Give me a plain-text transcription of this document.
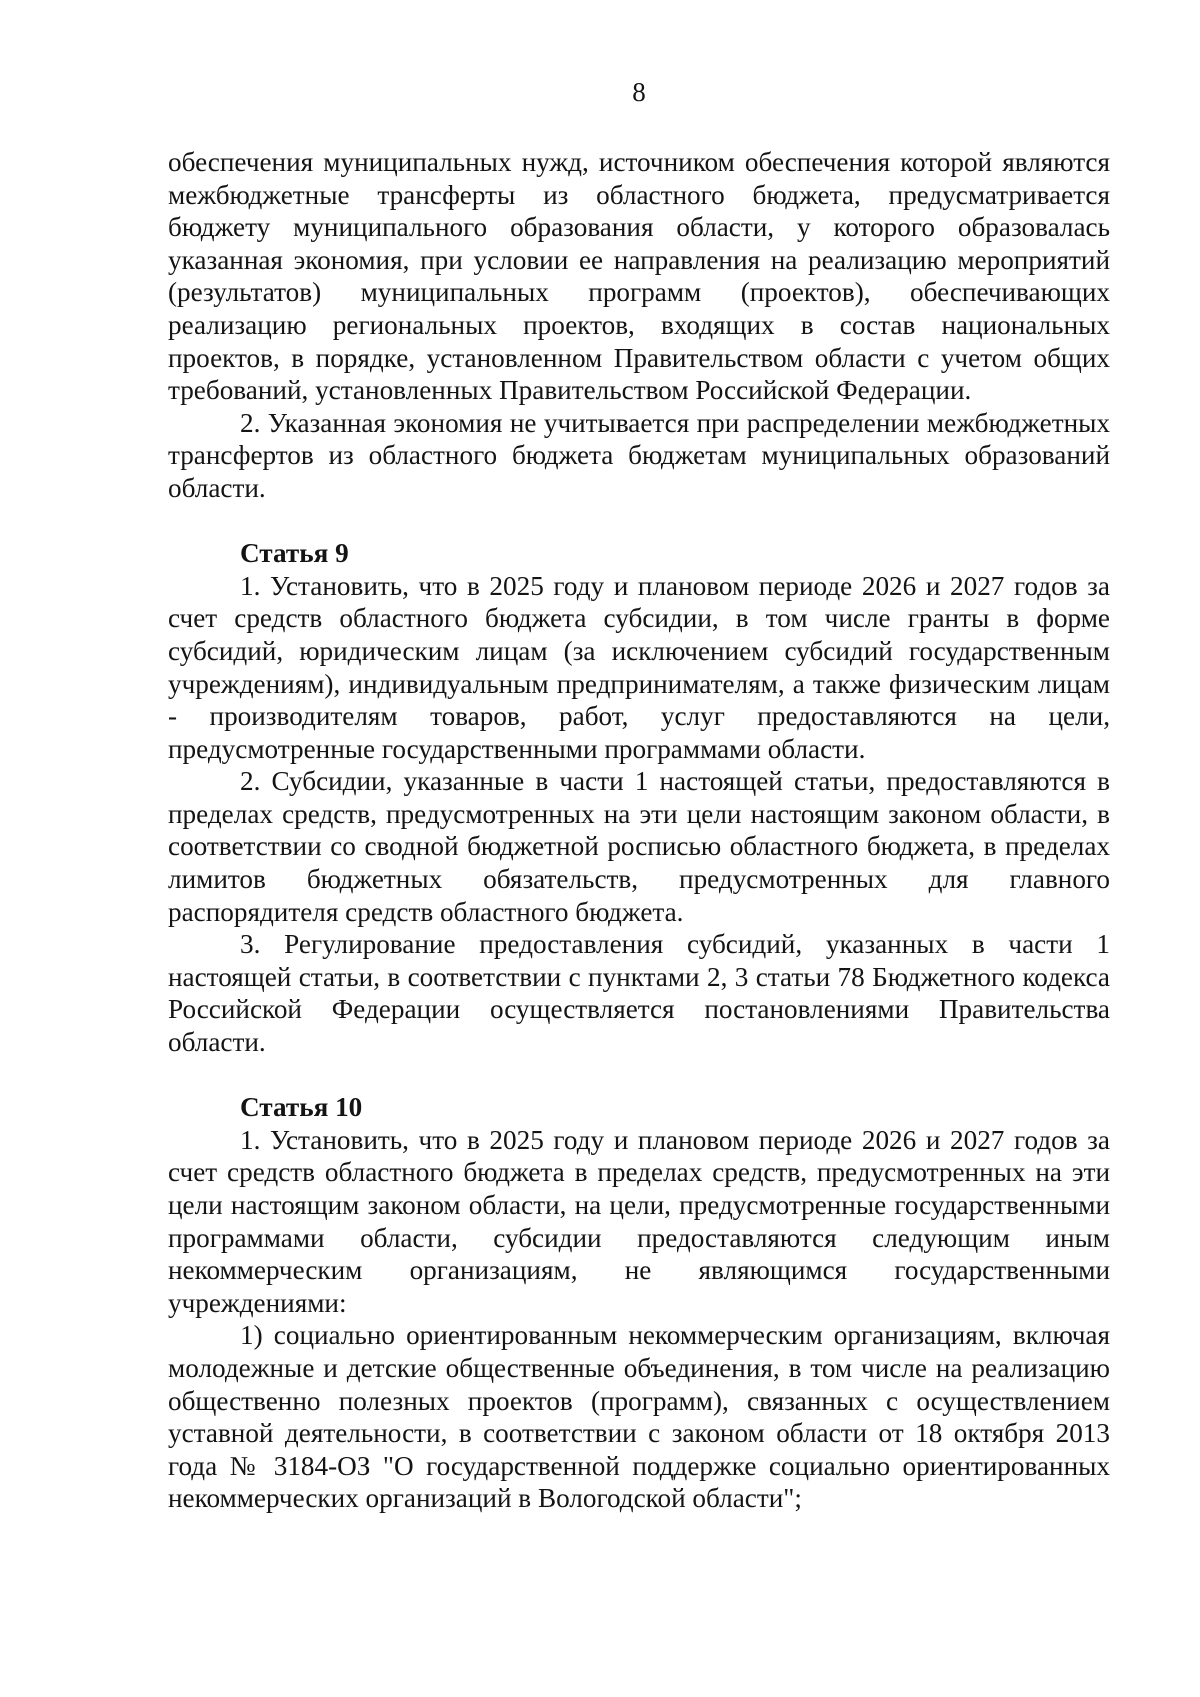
8

обеспечения муниципальных нужд, источником обеспечения которой являются межбюджетные трансферты из областного бюджета, предусматривается бюджету муниципального образования области, у которого образовалась указанная экономия, при условии ее направления на реализацию мероприятий (результатов) муниципальных программ (проектов), обеспечивающих реализацию региональных проектов, входящих в состав национальных проектов, в порядке, установленном Правительством области с учетом общих требований, установленных Правительством Российской Федерации.

2. Указанная экономия не учитывается при распределении межбюджетных трансфертов из областного бюджета бюджетам муниципальных образований области.

Статья 9

1. Установить, что в 2025 году и плановом периоде 2026 и 2027 годов за счет средств областного бюджета субсидии, в том числе гранты в форме субсидий, юридическим лицам (за исключением субсидий государственным учреждениям), индивидуальным предпринимателям, а также физическим лицам - производителям товаров, работ, услуг предоставляются на цели, предусмотренные государственными программами области.

2. Субсидии, указанные в части 1 настоящей статьи, предоставляются в пределах средств, предусмотренных на эти цели настоящим законом области, в соответствии со сводной бюджетной росписью областного бюджета, в пределах лимитов бюджетных обязательств, предусмотренных для главного распорядителя средств областного бюджета.

3. Регулирование предоставления субсидий, указанных в части 1 настоящей статьи, в соответствии с пунктами 2, 3 статьи 78 Бюджетного кодекса Российской Федерации осуществляется постановлениями Правительства области.

Статья 10

1. Установить, что в 2025 году и плановом периоде 2026 и 2027 годов за счет средств областного бюджета в пределах средств, предусмотренных на эти цели настоящим законом области, на цели, предусмотренные государственными программами области, субсидии предоставляются следующим иным некоммерческим организациям, не являющимся государственными учреждениями:

1) социально ориентированным некоммерческим организациям, включая молодежные и детские общественные объединения, в том числе на реализацию общественно полезных проектов (программ), связанных с осуществлением уставной деятельности, в соответствии с законом области от 18 октября 2013 года № 3184-ОЗ "О государственной поддержке социально ориентированных некоммерческих организаций в Вологодской области";
